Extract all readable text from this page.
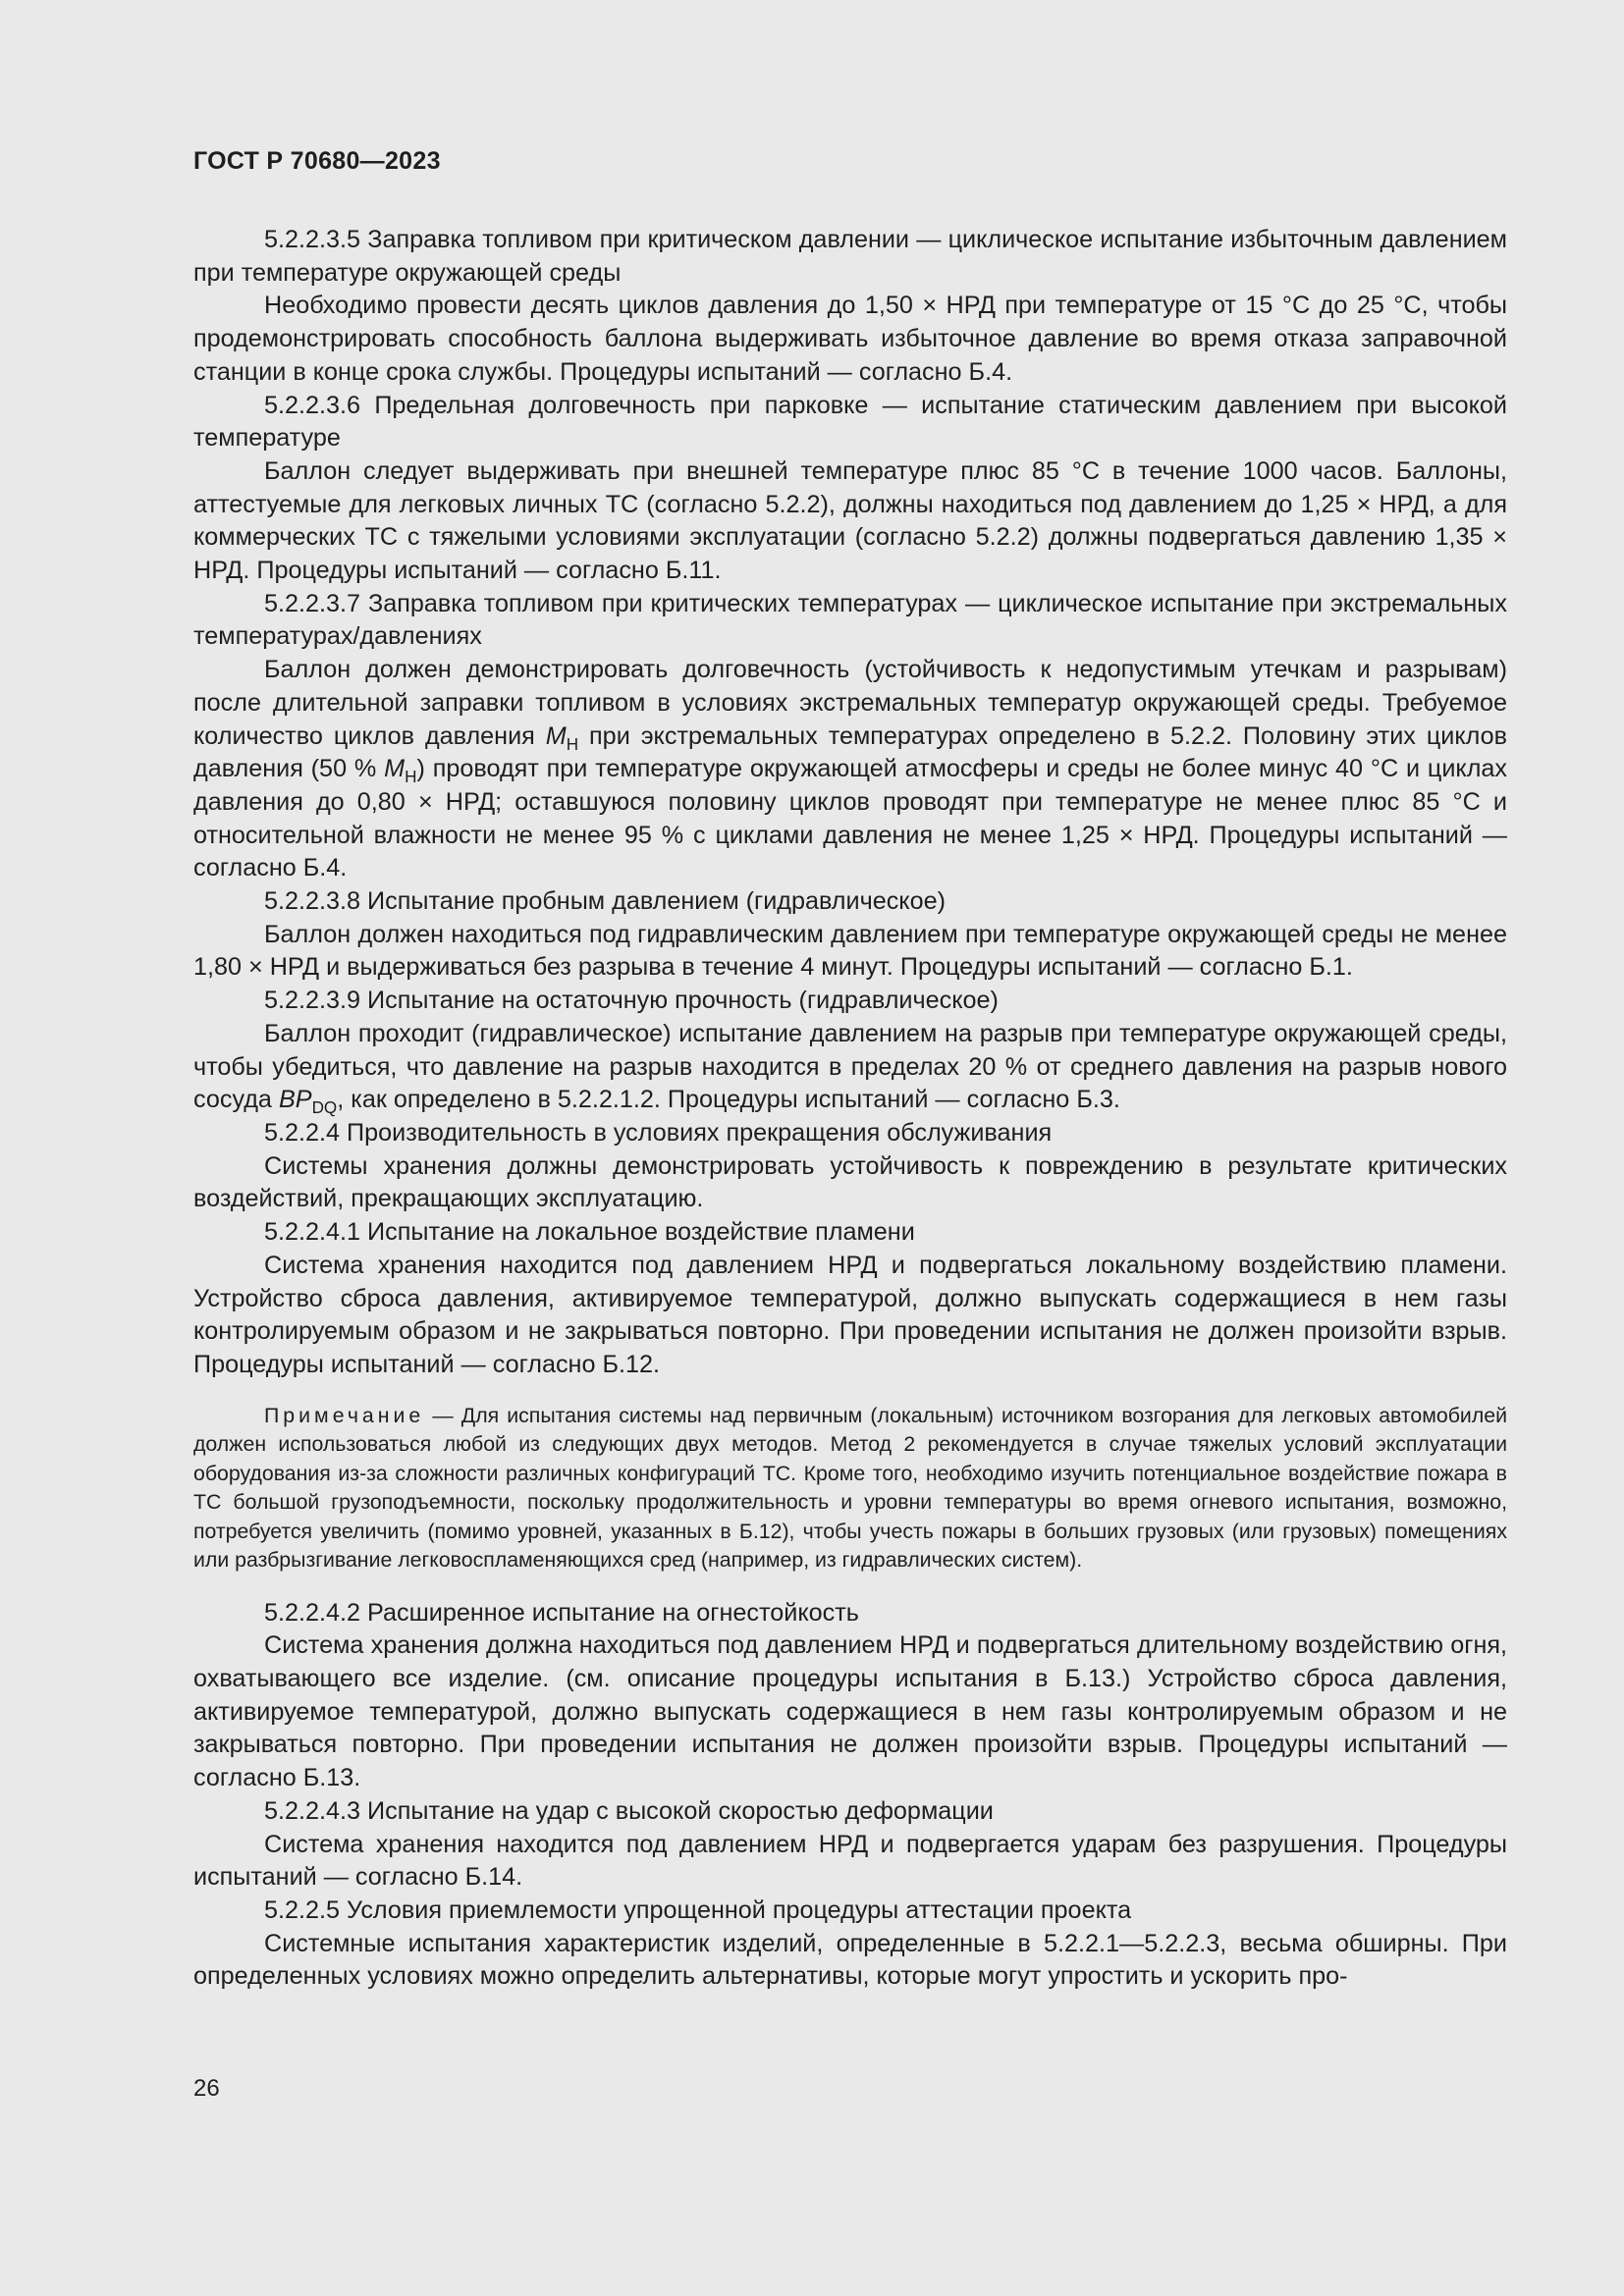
ГОСТ Р 70680—2023

5.2.2.3.5 Заправка топливом при критическом давлении — циклическое испытание избыточным давлением при температуре окружающей среды

Необходимо провести десять циклов давления до 1,50 × НРД при температуре от 15 °С до 25 °С, чтобы продемонстрировать способность баллона выдерживать избыточное давление во время отказа заправочной станции в конце срока службы. Процедуры испытаний — согласно Б.4.

5.2.2.3.6 Предельная долговечность при парковке — испытание статическим давлением при высокой температуре

Баллон следует выдерживать при внешней температуре плюс 85 °С в течение 1000 часов. Баллоны, аттестуемые для легковых личных ТС (согласно 5.2.2), должны находиться под давлением до 1,25 × НРД, а для коммерческих ТС с тяжелыми условиями эксплуатации (согласно 5.2.2) должны подвергаться давлению 1,35 × НРД. Процедуры испытаний — согласно Б.11.

5.2.2.3.7 Заправка топливом при критических температурах — циклическое испытание при экстремальных температурах/давлениях

Баллон должен демонстрировать долговечность (устойчивость к недопустимым утечкам и разрывам) после длительной заправки топливом в условиях экстремальных температур окружающей среды. Требуемое количество циклов давления $M_H$ при экстремальных температурах определено в 5.2.2. Половину этих циклов давления (50 % $M_H$) проводят при температуре окружающей атмосферы и среды не более минус 40 °С и циклах давления до 0,80 × НРД; оставшуюся половину циклов проводят при температуре не менее плюс 85 °С и относительной влажности не менее 95 % с циклами давления не менее 1,25 × НРД. Процедуры испытаний — согласно Б.4.

5.2.2.3.8 Испытание пробным давлением (гидравлическое)

Баллон должен находиться под гидравлическим давлением при температуре окружающей среды не менее 1,80 × НРД и выдерживаться без разрыва в течение 4 минут. Процедуры испытаний — согласно Б.1.

5.2.2.3.9 Испытание на остаточную прочность (гидравлическое)

Баллон проходит (гидравлическое) испытание давлением на разрыв при температуре окружающей среды, чтобы убедиться, что давление на разрыв находится в пределах 20 % от среднего давления на разрыв нового сосуда $BP_{DQ}$, как определено в 5.2.2.1.2. Процедуры испытаний — согласно Б.3.

5.2.2.4 Производительность в условиях прекращения обслуживания

Системы хранения должны демонстрировать устойчивость к повреждению в результате критических воздействий, прекращающих эксплуатацию.

5.2.2.4.1 Испытание на локальное воздействие пламени

Система хранения находится под давлением НРД и подвергаться локальному воздействию пламени. Устройство сброса давления, активируемое температурой, должно выпускать содержащиеся в нем газы контролируемым образом и не закрываться повторно. При проведении испытания не должен произойти взрыв. Процедуры испытаний — согласно Б.12.

Примечание — Для испытания системы над первичным (локальным) источником возгорания для легковых автомобилей должен использоваться любой из следующих двух методов. Метод 2 рекомендуется в случае тяжелых условий эксплуатации оборудования из-за сложности различных конфигураций ТС. Кроме того, необходимо изучить потенциальное воздействие пожара в ТС большой грузоподъемности, поскольку продолжительность и уровни температуры во время огневого испытания, возможно, потребуется увеличить (помимо уровней, указанных в Б.12), чтобы учесть пожары в больших грузовых (или грузовых) помещениях или разбрызгивание легковоспламеняющихся сред (например, из гидравлических систем).

5.2.2.4.2 Расширенное испытание на огнестойкость

Система хранения должна находиться под давлением НРД и подвергаться длительному воздействию огня, охватывающего все изделие. (см. описание процедуры испытания в Б.13.) Устройство сброса давления, активируемое температурой, должно выпускать содержащиеся в нем газы контролируемым образом и не закрываться повторно. При проведении испытания не должен произойти взрыв. Процедуры испытаний — согласно Б.13.

5.2.2.4.3 Испытание на удар с высокой скоростью деформации

Система хранения находится под давлением НРД и подвергается ударам без разрушения. Процедуры испытаний — согласно Б.14.

5.2.2.5 Условия приемлемости упрощенной процедуры аттестации проекта

Системные испытания характеристик изделий, определенные в 5.2.2.1—5.2.2.3, весьма обширны. При определенных условиях можно определить альтернативы, которые могут упростить и ускорить про-

26
